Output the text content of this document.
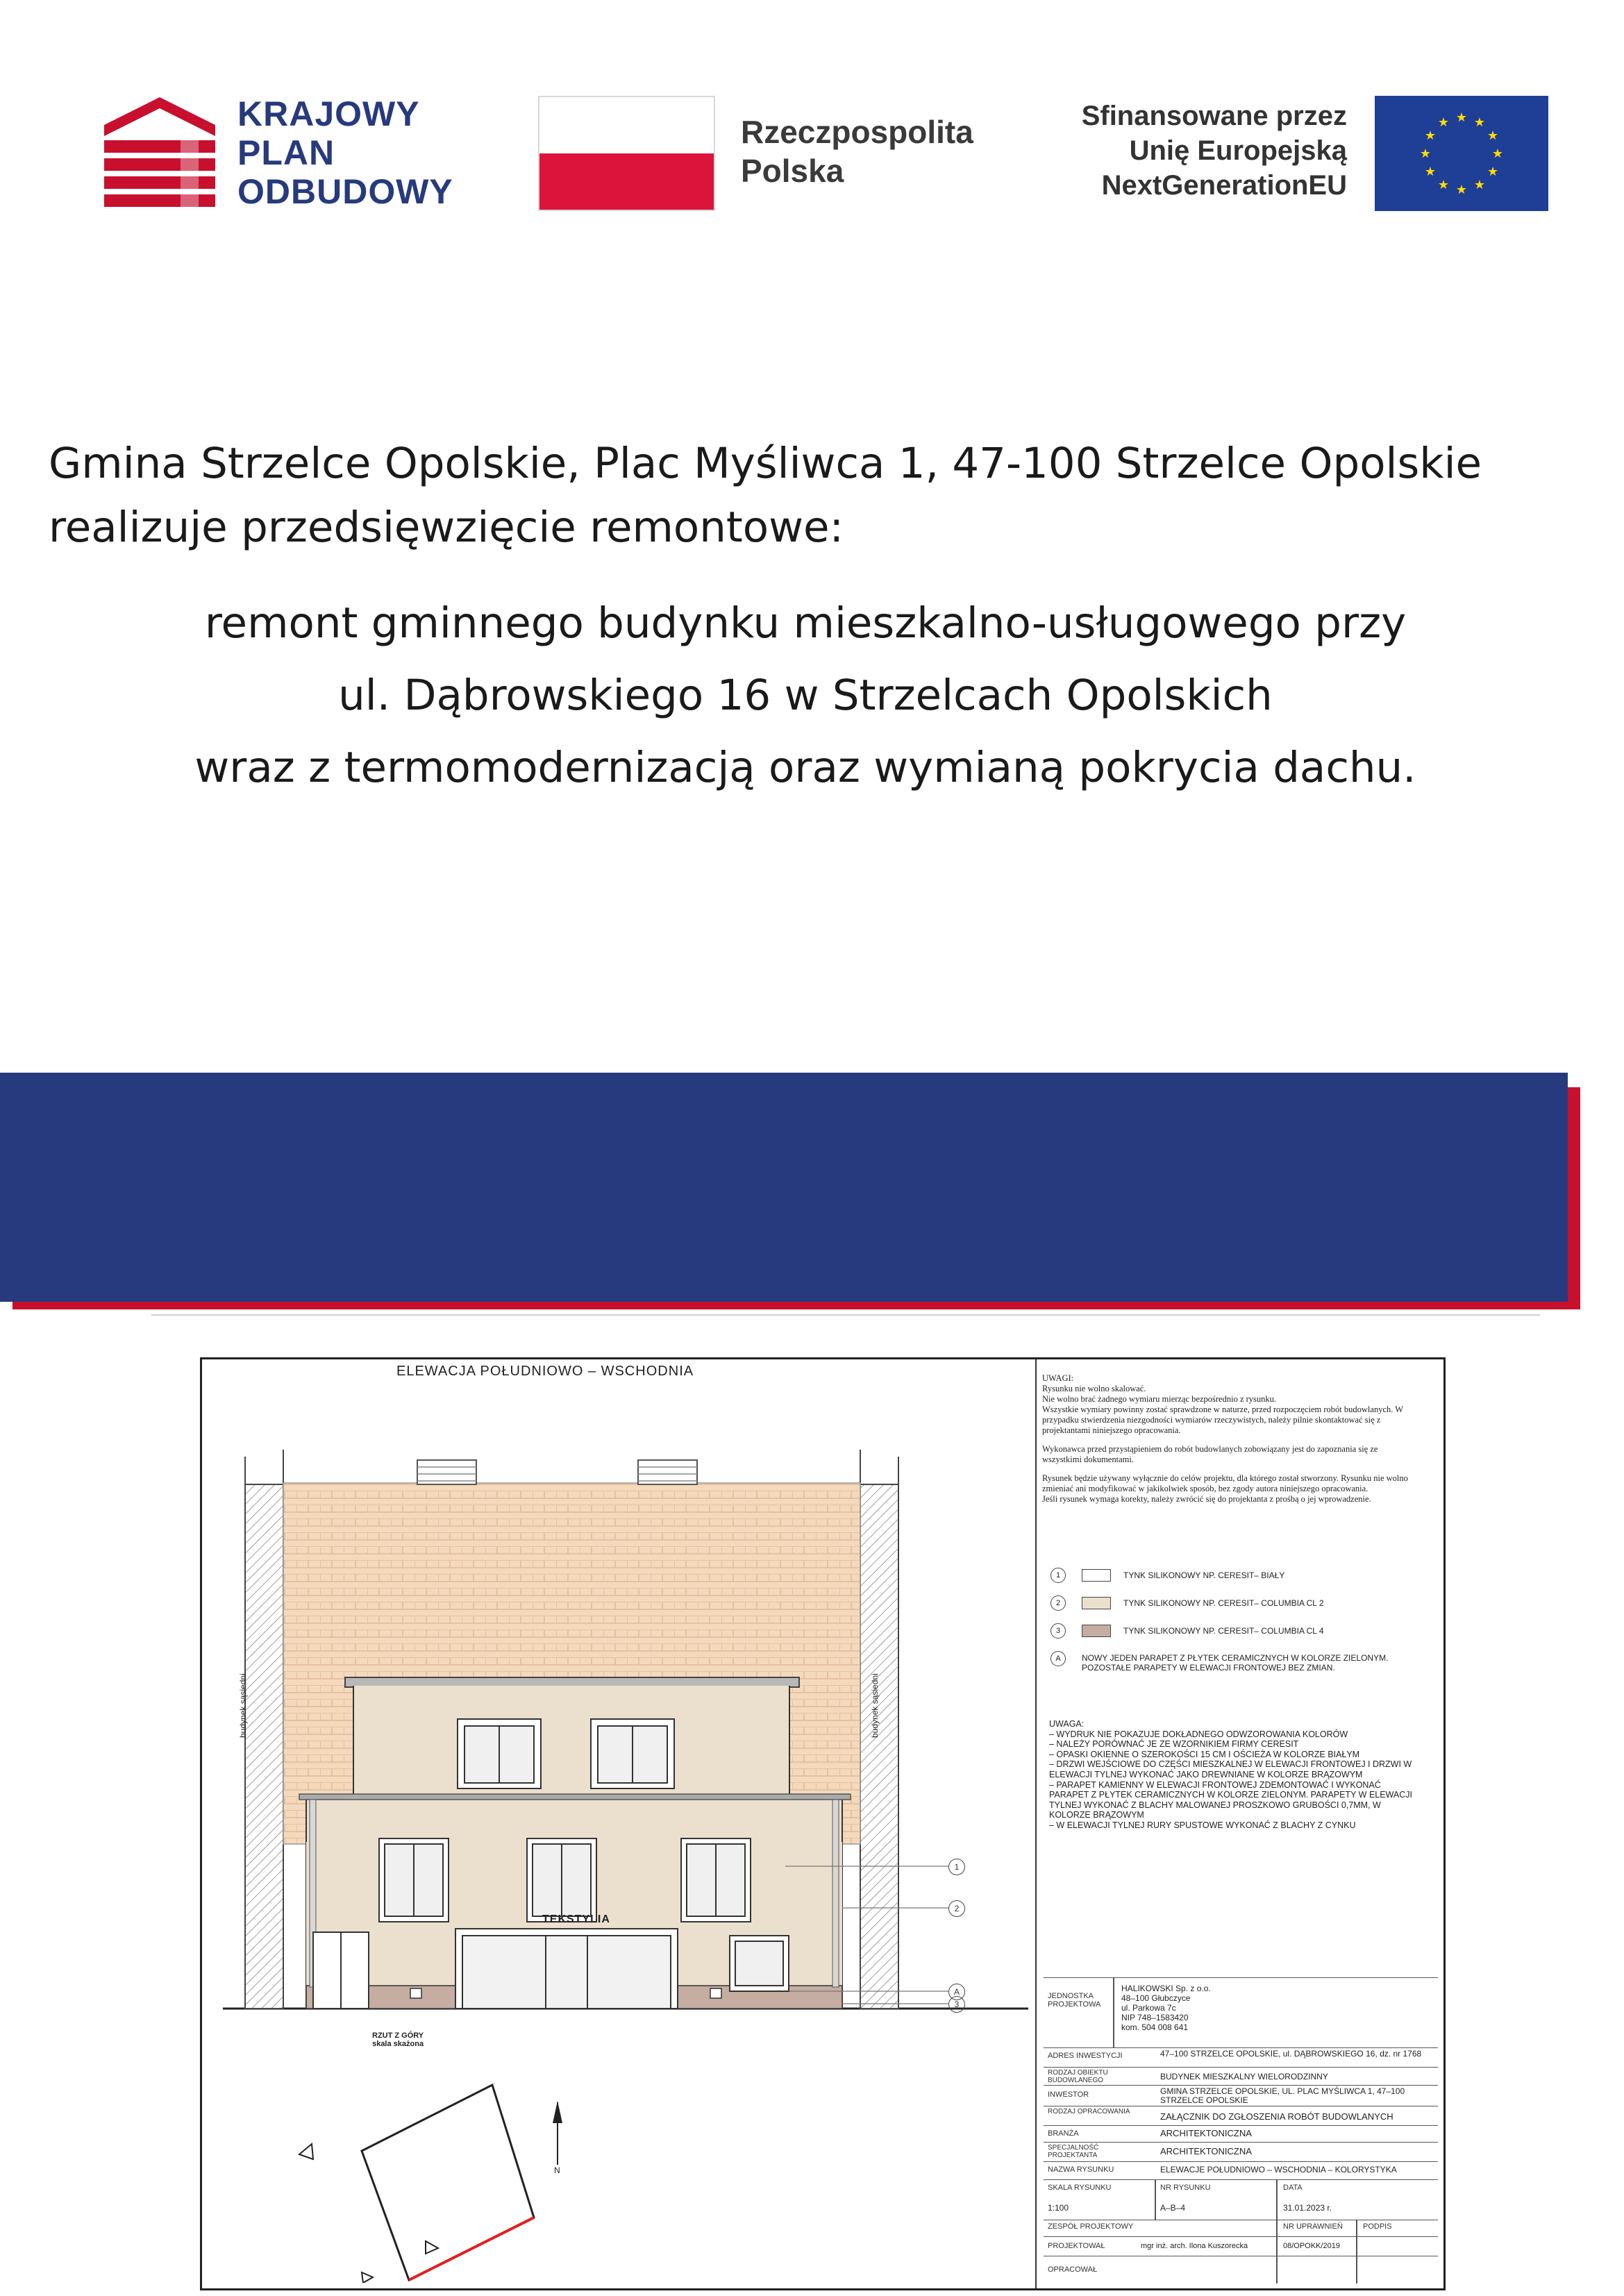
KRAJOWY
PLAN
ODBUDOWY
Rzeczpospolita
Polska
Sfinansowane przez
Unię Europejską
NextGenerationEU
★ ★
★
★
★
★
★
★
★
★
★
★
Gmina Strzelce Opolskie, Plac Myśliwca 1, 47-100 Strzelce Opolskie
realizuje przedsięwzięcie remontowe:
remont gminnego budynku mieszkalno-usługowego przy
ul. Dąbrowskiego 16 w Strzelcach Opolskich
wraz z termomodernizacją oraz wymianą pokrycia dachu.
ELEWACJA POŁUDNIOWO – WSCHODNIA
TEKSTYLIA
budynek sąsiedni	budynek sąsiedni
RZUT Z GÓRY
skala skażona
N
1
2
A
3
UWAGI:
Rysunku nie wolno skalować.
Nie wolno brać żadnego wymiaru mierząc bezpośrednio z rysunku.
Wszystkie wymiary powinny zostać sprawdzone w naturze, przed rozpoczęciem robót budowlanych. W przypadku stwierdzenia niezgodności wymiarów rzeczywistych, należy pilnie skontaktować się z projektantami niniejszego opracowania.
Wykonawca przed przystąpieniem do robót budowlanych zobowiązany jest do zapoznania się ze wszystkimi dokumentami.
Rysunek będzie używany wyłącznie do celów projektu, dla którego został stworzony. Rysunku nie wolno zmieniać ani modyfikować w jakikolwiek sposób, bez zgody autora niniejszego opracowania.
Jeśli rysunek wymaga korekty, należy zwrócić się do projektanta z prośbą o jej wprowadzenie.
1	TYNK SILIKONOWY NP. CERESIT– BIAŁY
2	TYNK SILIKONOWY NP. CERESIT– COLUMBIA CL 2
3	TYNK SILIKONOWY NP. CERESIT– COLUMBIA CL 4
A	NOWY JEDEN PARAPET Z PŁYTEK CERAMICZNYCH W KOLORZE ZIELONYM. POZOSTAŁE PARAPETY W ELEWACJI FRONTOWEJ BEZ ZMIAN.
UWAGA:
– WYDRUK NIE POKAZUJE DOKŁADNEGO ODWZOROWANIA KOLORÓW
– NALEŻY PORÓWNAĆ JE ZE WZORNIKIEM FIRMY CERESIT
– OPASKI OKIENNE O SZEROKOŚCI 15 CM I OŚCIEŻA W KOLORZE BIAŁYM
– DRZWI WEJŚCIOWE DO CZĘŚCI MIESZKALNEJ W ELEWACJI FRONTOWEJ I DRZWI W ELEWACJI TYLNEJ WYKONAĆ JAKO DREWNIANE W KOLORZE BRĄZOWYM
– PARAPET KAMIENNY W ELEWACJI FRONTOWEJ ZDEMONTOWAĆ I WYKONAĆ PARAPET Z PŁYTEK CERAMICZNYCH W KOLORZE ZIELONYM. PARAPETY W ELEWACJI TYLNEJ WYKONAĆ Z BLACHY MALOWANEJ PROSZKOWO GRUBOŚCI 0,7MM, W KOLORZE BRĄZOWYM
– W ELEWACJI TYLNEJ RURY SPUSTOWE WYKONAĆ Z BLACHY Z CYNKU
JEDNOSTKA PROJEKTOWA
HALIKOWSKI Sp. z o.o.
48–100 Głubczyce
ul. Parkowa 7c
NIP 748–1583420
kom. 504 008 641
ADRES INWESTYCJI	47–100 STRZELCE OPOLSKIE, ul. DĄBROWSKIEGO 16, dz. nr 1768
RODZAJ OBIEKTU BUDOWLANEGO	BUDYNEK MIESZKALNY WIELORODZINNY
INWESTOR	GMINA STRZELCE OPOLSKIE, UL. PLAC MYŚLIWCA 1, 47–100 STRZELCE OPOLSKIE
RODZAJ OPRACOWANIA	ZAŁĄCZNIK DO ZGŁOSZENIA ROBÓT BUDOWLANYCH
BRANŻA	ARCHITEKTONICZNA
SPECJALNOŚĆ PROJEKTANTA	ARCHITEKTONICZNA
NAZWA RYSUNKU	ELEWACJE POŁUDNIOWO – WSCHODNIA – KOLORYSTYKA
SKALA RYSUNKU	NR RYSUNKU	DATA
1:100	A–B–4	31.01.2023 r.
ZESPÓŁ PROJEKTOWY	NR UPRAWNIEŃ	PODPIS
PROJEKTOWAŁ	mgr inż. arch. Ilona Kuszorecka	08/OPOKK/2019
OPRACOWAŁ
